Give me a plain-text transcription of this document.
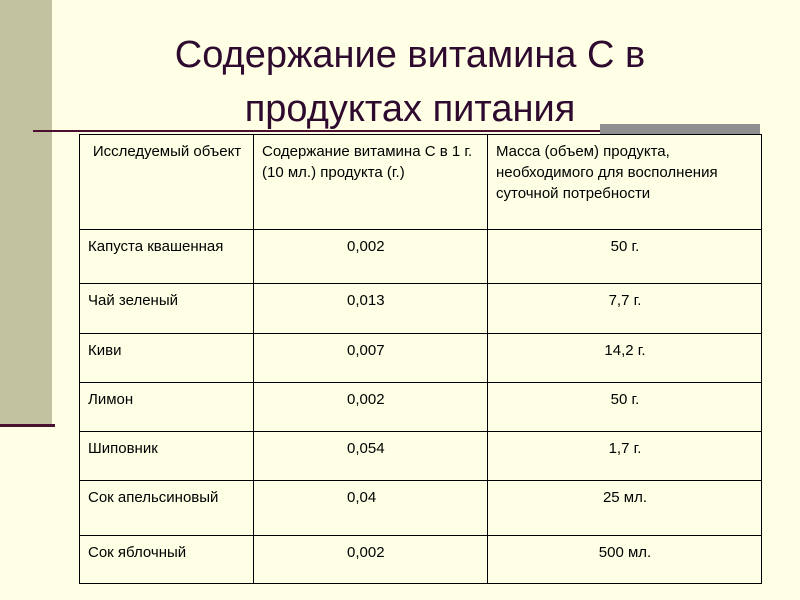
Содержание витамина С в продуктах питания
Исследуемый объект	Содержание витамина С в 1 г. (10 мл.) продукта (г.)	Масса (объем) продукта, необходимого для восполнения суточной потребности
Капуста квашенная	0,002	50 г.
Чай зеленый	0,013	7,7 г.
Киви	0,007	14,2 г.
Лимон	0,002	50 г.
Шиповник	0,054	1,7 г.
Сок апельсиновый	0,04	25 мл.
Сок яблочный	0,002	500 мл.
